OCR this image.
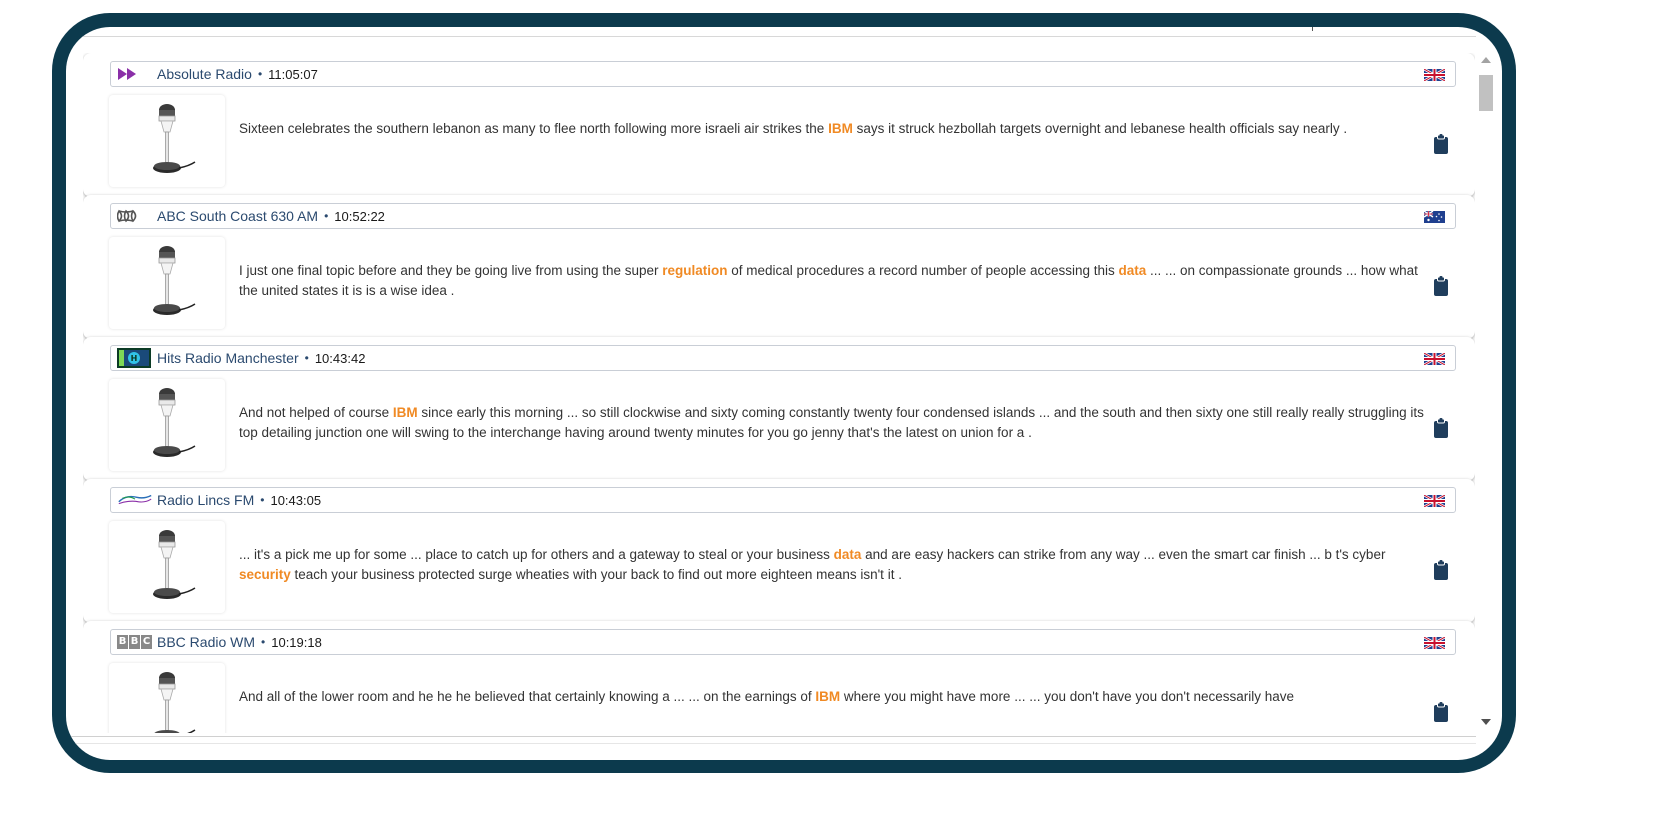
Absolute Radio • 11:05:07
Sixteen celebrates the southern lebanon as many to flee north following more israeli air strikes the IBM says it struck hezbollah targets overnight and lebanese health officials say nearly .
ABC South Coast 630 AM • 10:52:22
I just one final topic before and they be going live from using the super regulation of medical procedures a record number of people accessing this data ... ... on compassionate grounds ... how what the united states it is is a wise idea .
H Hits Radio Manchester • 10:43:42
And not helped of course IBM since early this morning ... so still clockwise and sixty coming constantly twenty four condensed islands ... and the south and then sixty one still really really struggling its top detailing junction one will swing to the interchange having around twenty minutes for you go jenny that's the latest on union for a .
Radio Lincs FM • 10:43:05
... it's a pick me up for some ... place to catch up for others and a gateway to steal or your business data and are easy hackers can strike from any way ... even the smart car finish ... b t's cyber security teach your business protected surge wheaties with your back to find out more eighteen means isn't it .
B B C BBC Radio WM • 10:19:18
And all of the lower room and he he he believed that certainly knowing a ... ... on the earnings of IBM where you might have more ... ... you don't have you don't necessarily have
